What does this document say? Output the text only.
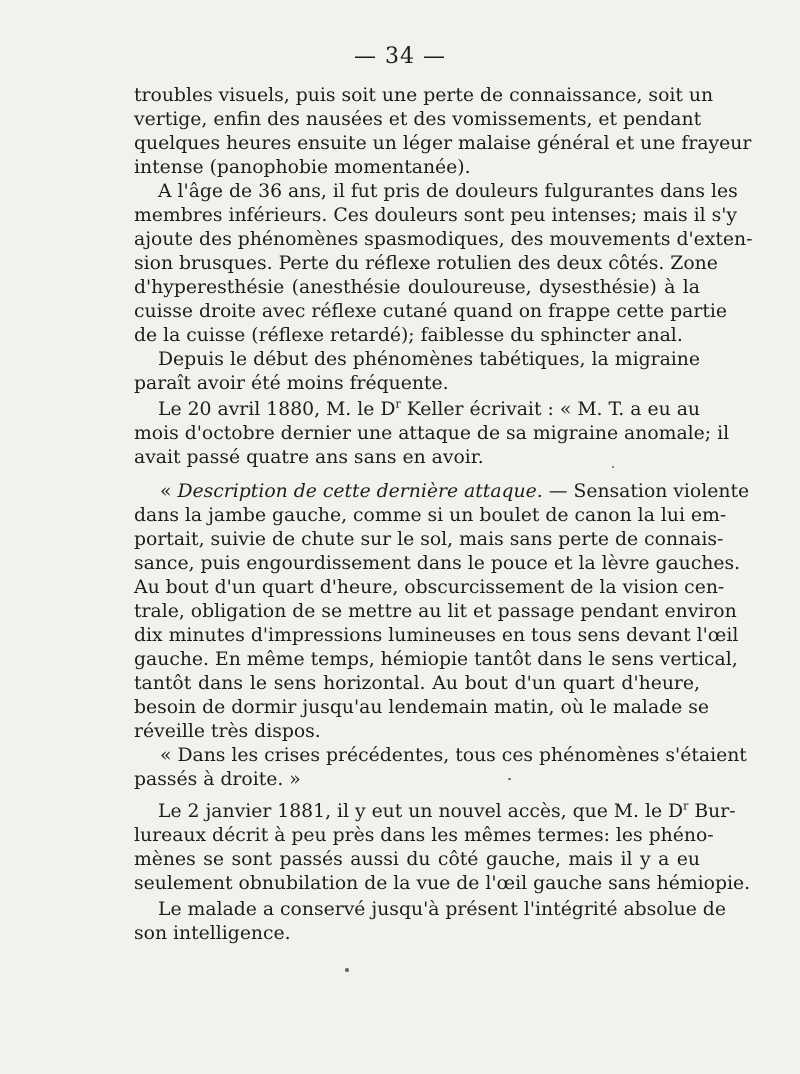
— 34 —
troubles visuels, puis soit une perte de connaissance, soit un
vertige, enfin des nausées et des vomissements, et pendant
quelques heures ensuite un léger malaise général et une frayeur
intense (panophobie momentanée).
A l'âge de 36 ans, il fut pris de douleurs fulgurantes dans les
membres inférieurs. Ces douleurs sont peu intenses; mais il s'y
ajoute des phénomènes spasmodiques, des mouvements d'exten-
sion brusques. Perte du réflexe rotulien des deux côtés. Zone
d'hyperesthésie (anesthésie douloureuse, dysesthésie) à la
cuisse droite avec réflexe cutané quand on frappe cette partie
de la cuisse (réflexe retardé); faiblesse du sphincter anal.
Depuis le début des phénomènes tabétiques, la migraine
paraît avoir été moins fréquente.
Le 20 avril 1880, M. le $D^r$ Keller écrivait : « M. T. a eu au
mois d'octobre dernier une attaque de sa migraine anomale; il
avait passé quatre ans sans en avoir.
« Description de cette dernière attaque. — Sensation violente
dans la jambe gauche, comme si un boulet de canon la lui em-
portait, suivie de chute sur le sol, mais sans perte de connais-
sance, puis engourdissement dans le pouce et la lèvre gauches.
Au bout d'un quart d'heure, obscurcissement de la vision cen-
trale, obligation de se mettre au lit et passage pendant environ
dix minutes d'impressions lumineuses en tous sens devant l'œil
gauche. En même temps, hémiopie tantôt dans le sens vertical,
tantôt dans le sens horizontal. Au bout d'un quart d'heure,
besoin de dormir jusqu'au lendemain matin, où le malade se
réveille très dispos.
« Dans les crises précédentes, tous ces phénomènes s'étaient
passés à droite. »
Le 2 janvier 1881, il y eut un nouvel accès, que M. le $D^r$ Bur-
lureaux décrit à peu près dans les mêmes termes: les phéno-
mènes se sont passés aussi du côté gauche, mais il y a eu
seulement obnubilation de la vue de l'œil gauche sans hémiopie.
Le malade a conservé jusqu'à présent l'intégrité absolue de
son intelligence.
